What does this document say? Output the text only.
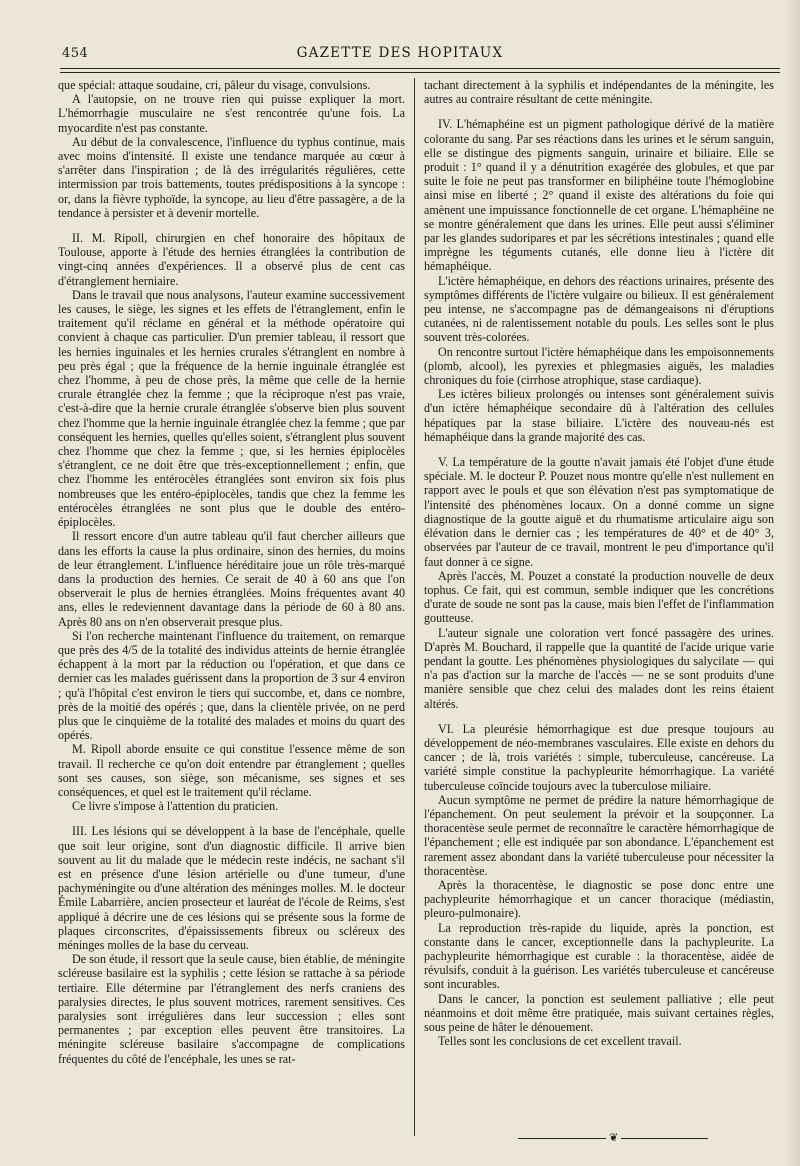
454	GAZETTE DES HOPITAUX

que spécial: attaque soudaine, cri, pâleur du visage, convulsions.

A l'autopsie, on ne trouve rien qui puisse expliquer la mort. L'hémorrhagie musculaire ne s'est rencontrée qu'une fois. La myocardite n'est pas constante.

Au début de la convalescence, l'influence du typhus continue, mais avec moins d'intensité. Il existe une tendance marquée au cœur à s'arrêter dans l'inspiration ; de là des irrégularités régulières, cette intermission par trois battements, toutes prédispositions à la syncope : or, dans la fièvre typhoïde, la syncope, au lieu d'être passagère, a de la tendance à persister et à devenir mortelle.

II. M. Ripoll, chirurgien en chef honoraire des hôpitaux de Toulouse, apporte à l'étude des hernies étranglées la contribution de vingt-cinq années d'expériences. Il a observé plus de cent cas d'étranglement herniaire.

Dans le travail que nous analysons, l'auteur examine successivement les causes, le siège, les signes et les effets de l'étranglement, enfin le traitement qu'il réclame en général et la méthode opératoire qui convient à chaque cas particulier. D'un premier tableau, il ressort que les hernies inguinales et les hernies crurales s'étranglent en nombre à peu près égal ; que la fréquence de la hernie inguinale étranglée est chez l'homme, à peu de chose près, la même que celle de la hernie crurale étranglée chez la femme ; que la réciproque n'est pas vraie, c'est-à-dire que la hernie crurale étranglée s'observe bien plus souvent chez l'homme que la hernie inguinale étranglée chez la femme ; que par conséquent les hernies, quelles qu'elles soient, s'étranglent plus souvent chez l'homme que chez la femme ; que, si les hernies épiplocèles s'étranglent, ce ne doit être que très-exceptionnellement ; enfin, que chez l'homme les entérocèles étranglées sont environ six fois plus nombreuses que les entéro-épiplocèles, tandis que chez la femme les entérocèles étranglées ne sont plus que le double des entéro-épiplocèles.

Il ressort encore d'un autre tableau qu'il faut chercher ailleurs que dans les efforts la cause la plus ordinaire, sinon des hernies, du moins de leur étranglement. L'influence héréditaire joue un rôle très-marqué dans la production des hernies. Ce serait de 40 à 60 ans que l'on observerait le plus de hernies étranglées. Moins fréquentes avant 40 ans, elles le redeviennent davantage dans la période de 60 à 80 ans. Après 80 ans on n'en observerait presque plus.

Si l'on recherche maintenant l'influence du traitement, on remarque que près des 4/5 de la totalité des individus atteints de hernie étranglée échappent à la mort par la réduction ou l'opération, et que dans ce dernier cas les malades guérissent dans la proportion de 3 sur 4 environ ; qu'à l'hôpital c'est environ le tiers qui succombe, et, dans ce nombre, près de la moitié des opérés ; que, dans la clientèle privée, on ne perd plus que le cinquième de la totalité des malades et moins du quart des opérés.

M. Ripoll aborde ensuite ce qui constitue l'essence même de son travail. Il recherche ce qu'on doit entendre par étranglement ; quelles sont ses causes, son siège, son mécanisme, ses signes et ses conséquences, et quel est le traitement qu'il réclame.

Ce livre s'impose à l'attention du praticien.

III. Les lésions qui se développent à la base de l'encéphale, quelle que soit leur origine, sont d'un diagnostic difficile. Il arrive bien souvent au lit du malade que le médecin reste indécis, ne sachant s'il est en présence d'une lésion artérielle ou d'une tumeur, d'une pachyméningite ou d'une altération des méninges molles. M. le docteur Émile Labarrière, ancien prosecteur et lauréat de l'école de Reims, s'est appliqué à décrire une de ces lésions qui se présente sous la forme de plaques circonscrites, d'épaississements fibreux ou scléreux des méninges molles de la base du cerveau.

De son étude, il ressort que la seule cause, bien établie, de méningite scléreuse basilaire est la syphilis ; cette lésion se rattache à sa période tertiaire. Elle détermine par l'étranglement des nerfs craniens des paralysies directes, le plus souvent motrices, rarement sensitives. Ces paralysies sont irrégulières dans leur succession ; elles sont permanentes ; par exception elles peuvent être transitoires. La méningite scléreuse basilaire s'accompagne de complications fréquentes du côté de l'encéphale, les unes se rat-

tachant directement à la syphilis et indépendantes de la méningite, les autres au contraire résultant de cette méningite.

IV. L'hémaphéine est un pigment pathologique dérivé de la matière colorante du sang. Par ses réactions dans les urines et le sérum sanguin, elle se distingue des pigments sanguin, urinaire et biliaire. Elle se produit : 1° quand il y a dénutrition exagérée des globules, et que par suite le foie ne peut pas transformer en biliphéine toute l'hémoglobine ainsi mise en liberté ; 2° quand il existe des altérations du foie qui amènent une impuissance fonctionnelle de cet organe. L'hémaphéine ne se montre généralement que dans les urines. Elle peut aussi s'éliminer par les glandes sudoripares et par les sécrétions intestinales ; quand elle imprègne les téguments cutanés, elle donne lieu à l'ictère dit hémaphéique.

L'ictère hémaphéique, en dehors des réactions urinaires, présente des symptômes différents de l'ictère vulgaire ou bilieux. Il est généralement peu intense, ne s'accompagne pas de démangeaisons ni d'éruptions cutanées, ni de ralentissement notable du pouls. Les selles sont le plus souvent très-colorées.

On rencontre surtout l'ictère hémaphéique dans les empoisonnements (plomb, alcool), les pyrexies et phlegmasies aiguës, les maladies chroniques du foie (cirrhose atrophique, stase cardiaque).

Les ictères bilieux prolongés ou intenses sont généralement suivis d'un ictère hémaphéique secondaire dû à l'altération des cellules hépatiques par la stase biliaire. L'ictère des nouveau-nés est hémaphéique dans la grande majorité des cas.

V. La température de la goutte n'avait jamais été l'objet d'une étude spéciale. M. le docteur P. Pouzet nous montre qu'elle n'est nullement en rapport avec le pouls et que son élévation n'est pas symptomatique de l'intensité des phénomènes locaux. On a donné comme un signe diagnostique de la goutte aiguë et du rhumatisme articulaire aigu son élévation dans le dernier cas ; les températures de 40° et de 40° 3, observées par l'auteur de ce travail, montrent le peu d'importance qu'il faut donner à ce signe.

Après l'accès, M. Pouzet a constaté la production nouvelle de deux tophus. Ce fait, qui est commun, semble indiquer que les concrétions d'urate de soude ne sont pas la cause, mais bien l'effet de l'inflammation goutteuse.

L'auteur signale une coloration vert foncé passagère des urines. D'après M. Bouchard, il rappelle que la quantité de l'acide urique varie pendant la goutte. Les phénomènes physiologiques du salycilate — qui n'a pas d'action sur la marche de l'accès — ne se sont produits d'une manière sensible que chez celui des malades dont les reins étaient altérés.

VI. La pleurésie hémorrhagique est due presque toujours au développement de néo-membranes vasculaires. Elle existe en dehors du cancer ; de là, trois variétés : simple, tuberculeuse, cancéreuse. La variété simple constitue la pachypleurite hémorrhagique. La variété tuberculeuse coïncide toujours avec la tuberculose miliaire.

Aucun symptôme ne permet de prédire la nature hémorrhagique de l'épanchement. On peut seulement la prévoir et la soupçonner. La thoracentèse seule permet de reconnaître le caractère hémorrhagique de l'épanchement ; elle est indiquée par son abondance. L'épanchement est rarement assez abondant dans la variété tuberculeuse pour nécessiter la thoracentèse.

Après la thoracentèse, le diagnostic se pose donc entre une pachypleurite hémorrhagique et un cancer thoracique (médiastin, pleuro-pulmonaire).

La reproduction très-rapide du liquide, après la ponction, est constante dans le cancer, exceptionnelle dans la pachypleurite. La pachypleurite hémorrhagique est curable : la thoracentèse, aidée de révulsifs, conduit à la guérison. Les variétés tuberculeuse et cancéreuse sont incurables.

Dans le cancer, la ponction est seulement palliative ; elle peut néanmoins et doit même être pratiquée, mais suivant certaines règles, sous peine de hâter le dénouement.

Telles sont les conclusions de cet excellent travail.

❦
